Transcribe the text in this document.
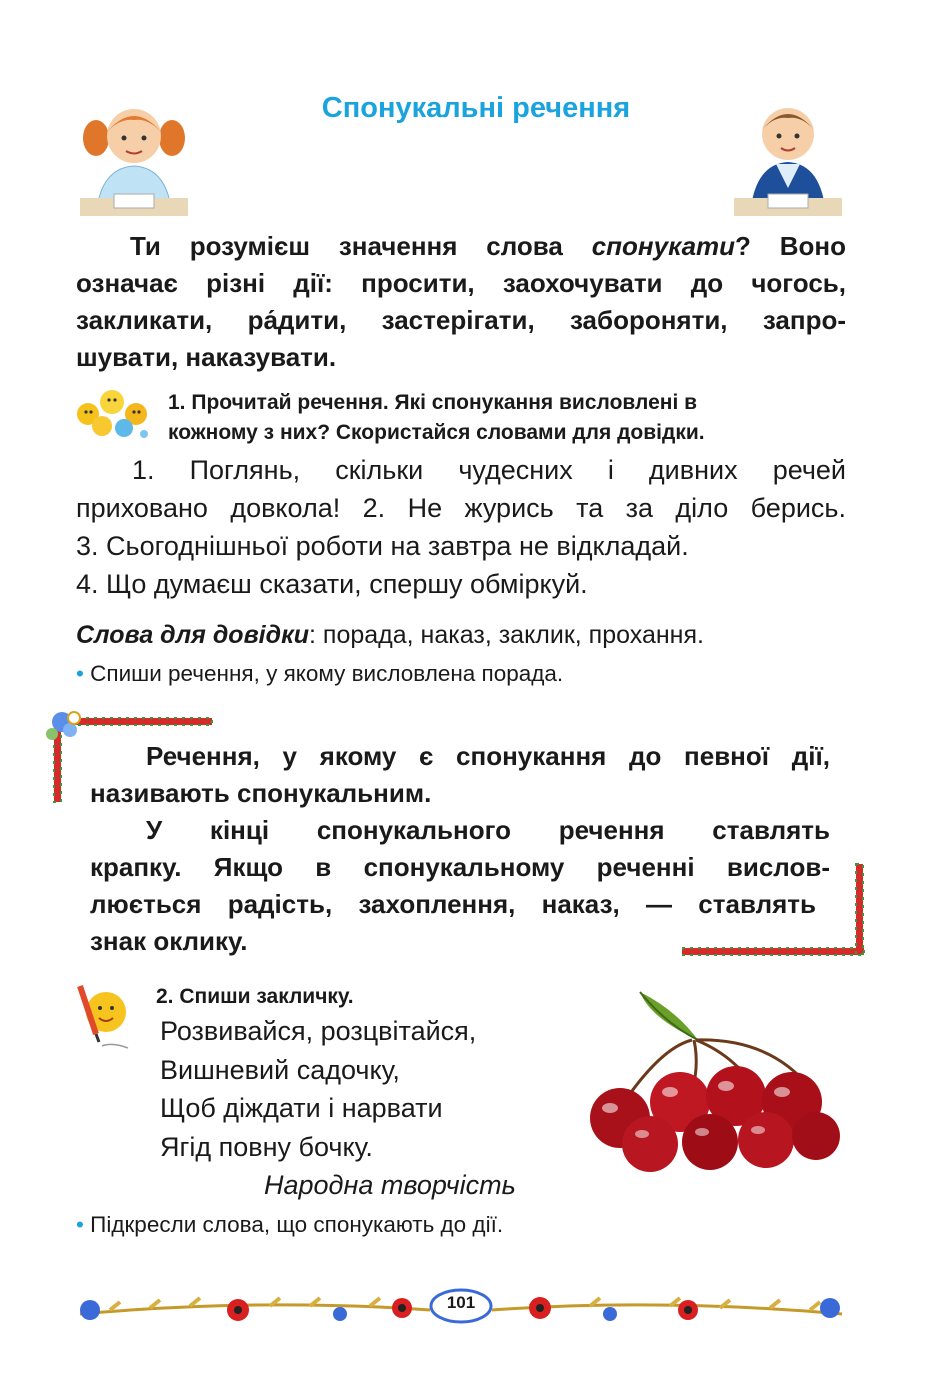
Спонукальні речення
Ти розумієш значення слова спонукати? Воно
означає різні дії: просити, заохочувати до чогось,
закликати, ра́дити, застерігати, забороняти, запро-
шувати, наказувати.
1. Прочитай речення. Які спонукання висловлені в
кожному з них? Скористайся словами для довідки.
1. Поглянь, скільки чудесних і дивних речей
приховано довкола! 2. Не журись та за діло берись.
3. Сьогоднішньої роботи на завтра не відкладай.
4. Що думаєш сказати, спершу обміркуй.
Слова для довідки: порада, наказ, заклик, прохання.
• Спиши речення, у якому висловлена порада.
Речення, у якому є спонукання до певної дії,
називають спонукальним.
У кінці спонукального речення ставлять
крапку. Якщо в спонукальному реченні вислов-
люється радість, захоплення, наказ, — ставлять
знак оклику.
2. Спиши закличку.
Розвивайся, розцвітайся,
Вишневий садочку,
Щоб діждати і нарвати
Ягід повну бочку.
Народна творчість
• Підкресли слова, що спонукають до дії.
101
